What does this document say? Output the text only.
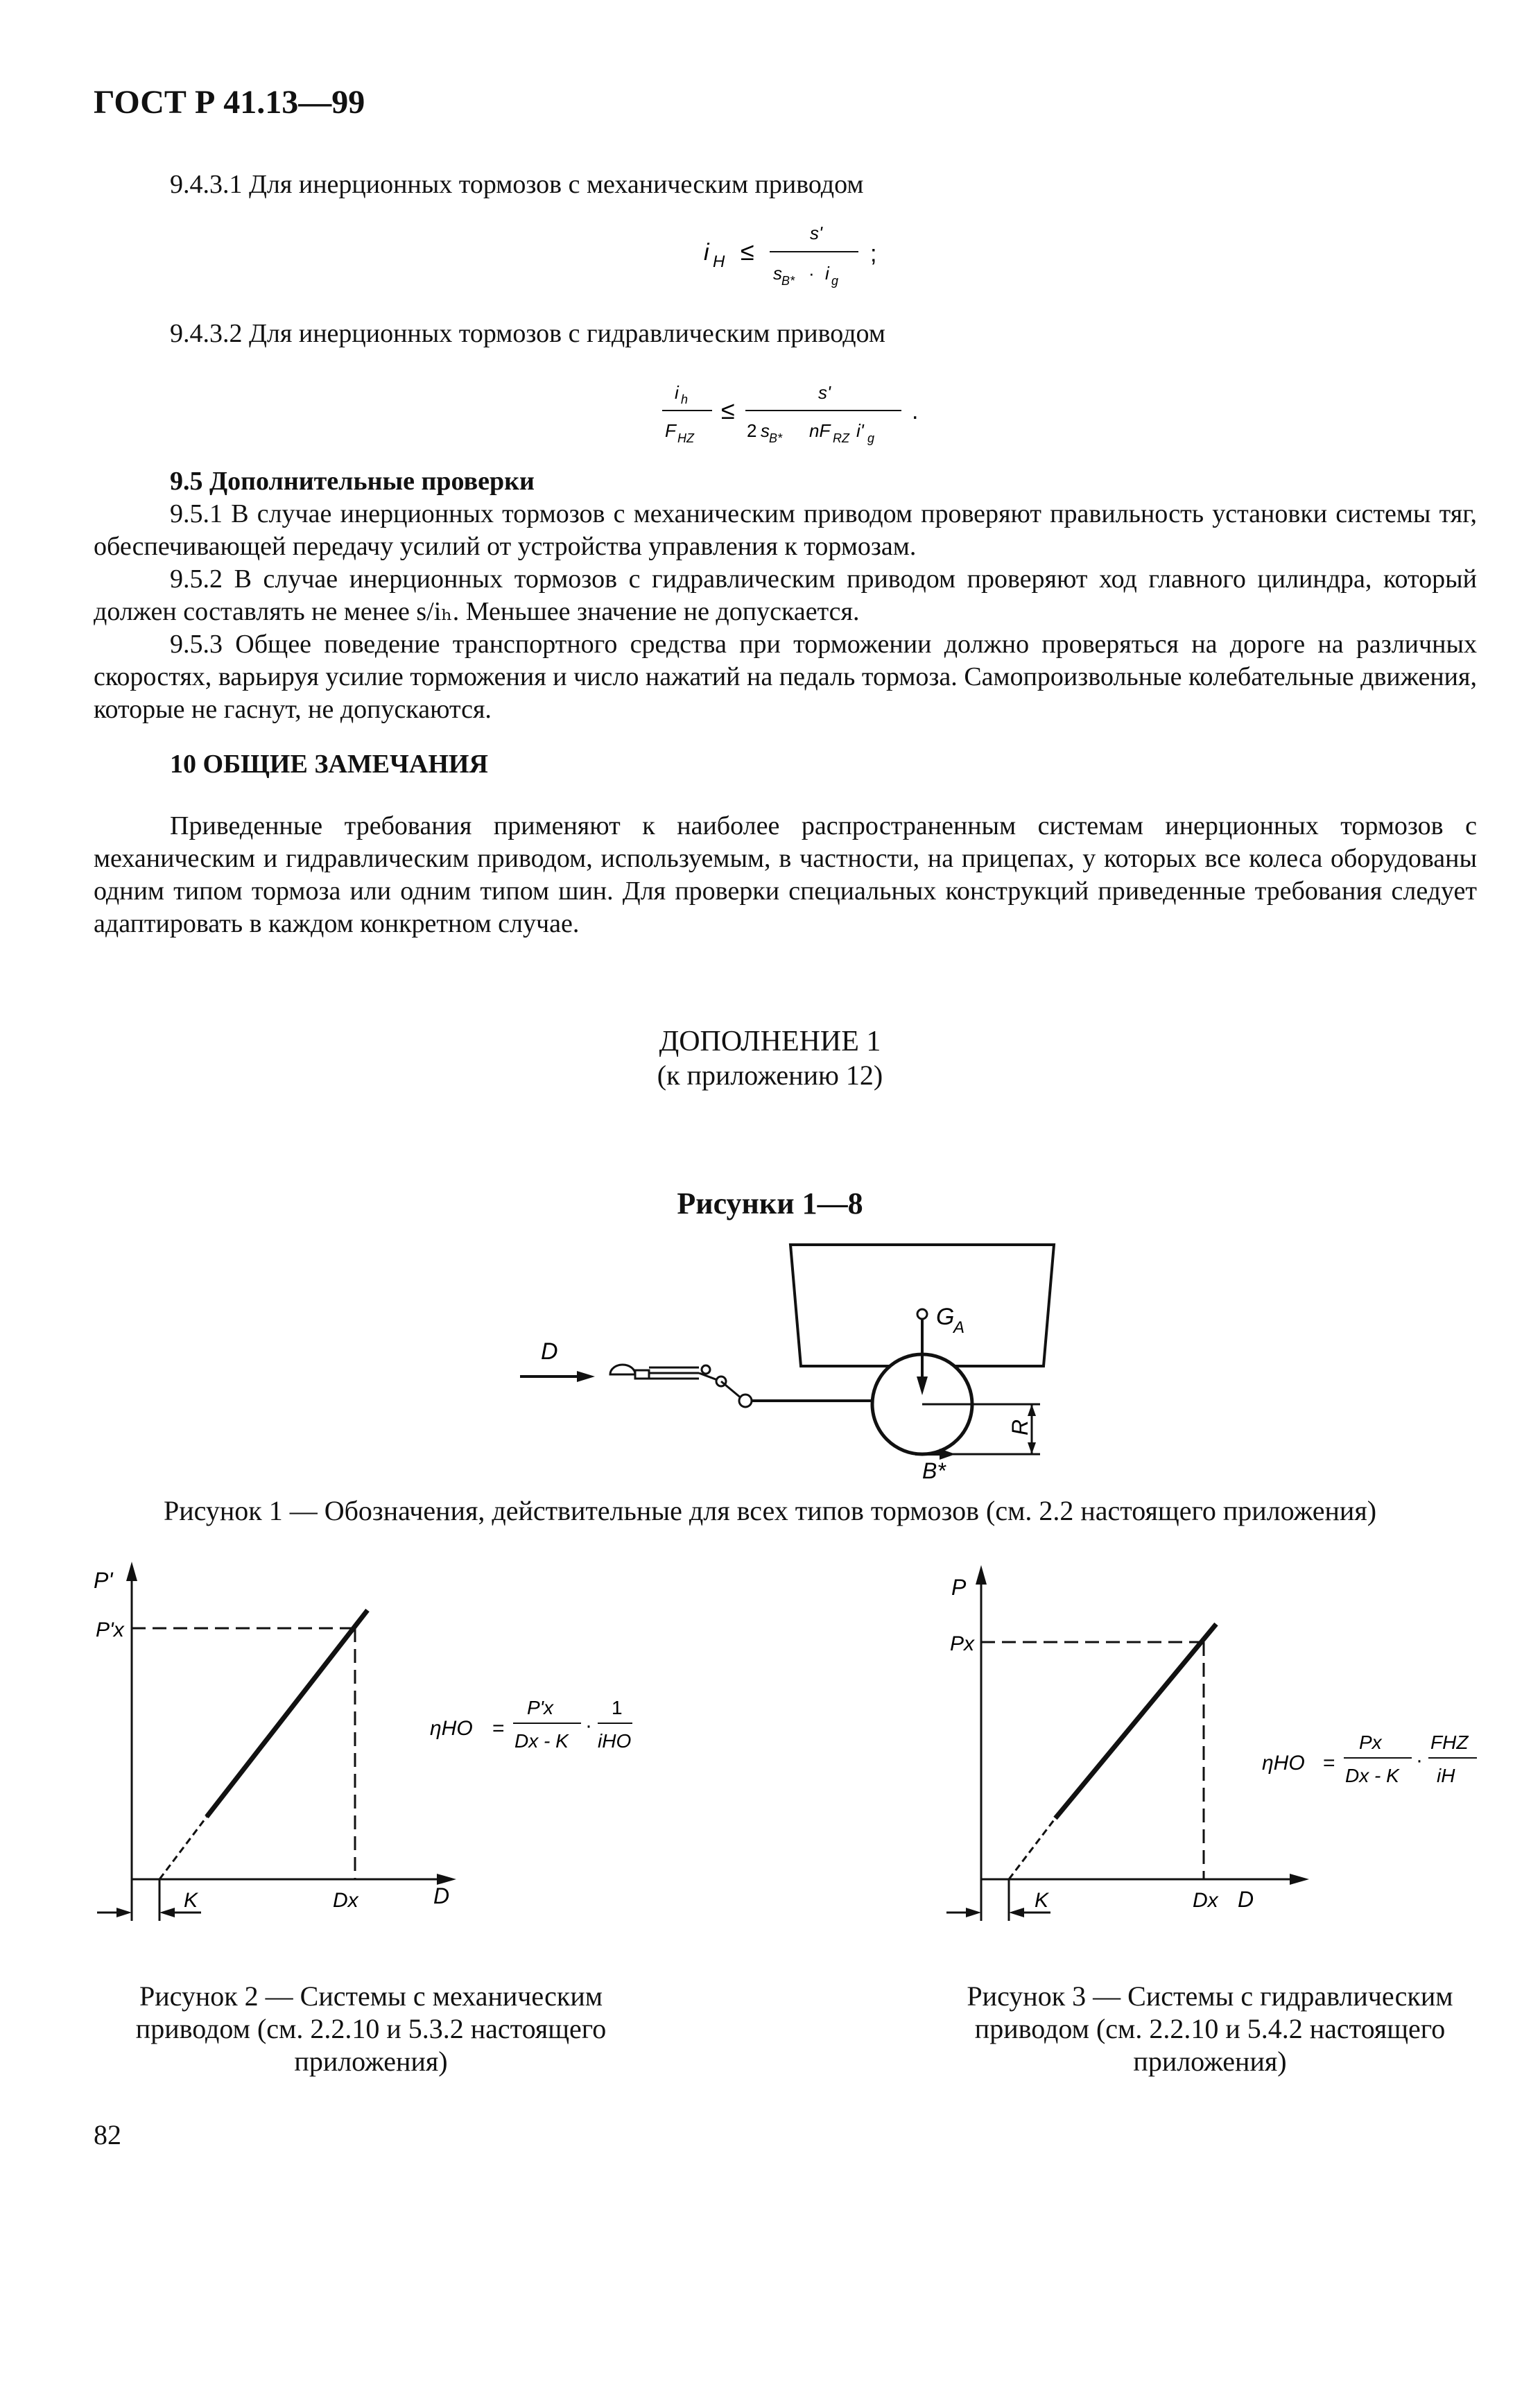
ГОСТ Р 41.13—99
9.4.3.1 Для инерционных тормозов с механическим приводом
i H ≤
s'
s B* · i g
;
9.4.3.2 Для инерционных тормозов с гидравлическим приводом
i h
F HZ
≤
s'
2 s B* nF RZ i' g
.
9.5 Дополнительные проверки
9.5.1 В случае инерционных тормозов с механическим приводом проверяют правильность установки системы тяг, обеспечивающей передачу усилий от устройства управления к тормозам.
9.5.2 В случае инерционных тормозов с гидравлическим приводом проверяют ход главного цилиндра, который должен составлять не менее s/iₕ. Меньшее значение не допускается.
9.5.3 Общее поведение транспортного средства при торможении должно проверяться на дороге на различных скоростях, варьируя усилие торможения и число нажатий на педаль тормоза. Самопроизвольные колебательные движения, которые не гаснут, не допускаются.
10 ОБЩИЕ ЗАМЕЧАНИЯ
Приведенные требования применяют к наиболее распространенным системам инерционных тормозов с механическим и гидравлическим приводом, используемым, в частности, на прицепах, у которых все колеса оборудованы одним типом тормоза или одним типом шин. Для проверки специальных конструкций приведенные требования следует адаптировать в каждом конкретном случае.
ДОПОЛНЕНИЕ 1
(к приложению 12)
Рисунки 1—8
G
A
R
B*
D
Рисунок 1 — Обозначения, действительные для всех типов тормозов (см. 2.2 настоящего приложения)
K	Dx	D
P'
P'x
ηHO =
P'x
Dx - K
·
1
iHO
Рисунок 2 — Системы с механическим
приводом (см. 2.2.10 и 5.3.2 настоящего
приложения)
K	Dx D
P
Px
ηHO =
Px
Dx - K
·
FHZ
iH
Рисунок 3 — Системы с гидравлическим
приводом (см. 2.2.10 и 5.4.2 настоящего
приложения)
82
